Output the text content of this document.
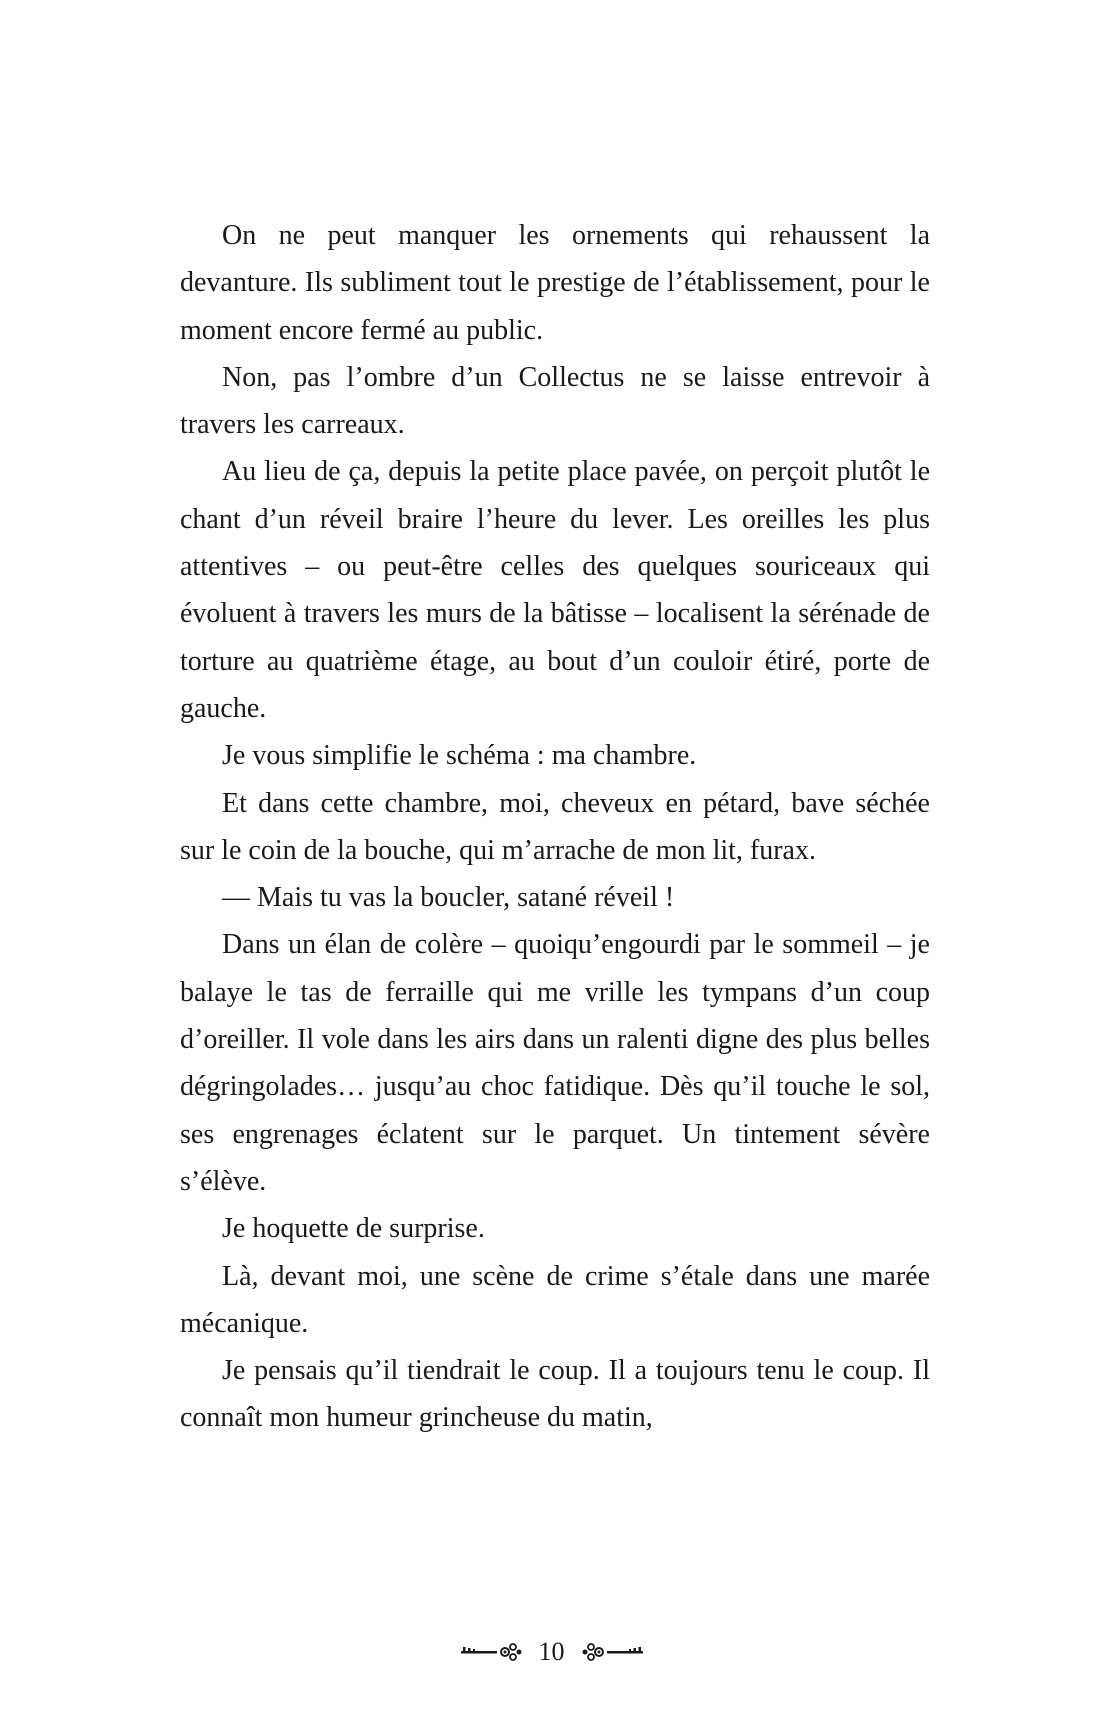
On ne peut manquer les ornements qui rehaussent la devanture. Ils subliment tout le prestige de l’établissement, pour le moment encore fermé au public.

Non, pas l’ombre d’un Collectus ne se laisse entrevoir à travers les carreaux.

Au lieu de ça, depuis la petite place pavée, on perçoit plutôt le chant d’un réveil braire l’heure du lever. Les oreilles les plus attentives – ou peut-être celles des quelques souriceaux qui évoluent à travers les murs de la bâtisse – localisent la sérénade de torture au quatrième étage, au bout d’un couloir étiré, porte de gauche.

Je vous simplifie le schéma : ma chambre.

Et dans cette chambre, moi, cheveux en pétard, bave séchée sur le coin de la bouche, qui m’arrache de mon lit, furax.

— Mais tu vas la boucler, satané réveil !

Dans un élan de colère – quoiqu’engourdi par le sommeil – je balaye le tas de ferraille qui me vrille les tympans d’un coup d’oreiller. Il vole dans les airs dans un ralenti digne des plus belles dégringolades… jusqu’au choc fatidique. Dès qu’il touche le sol, ses engrenages éclatent sur le parquet. Un tintement sévère s’élève.

Je hoquette de surprise.

Là, devant moi, une scène de crime s’étale dans une marée mécanique.

Je pensais qu’il tiendrait le coup. Il a toujours tenu le coup. Il connaît mon humeur grincheuse du matin,

10
